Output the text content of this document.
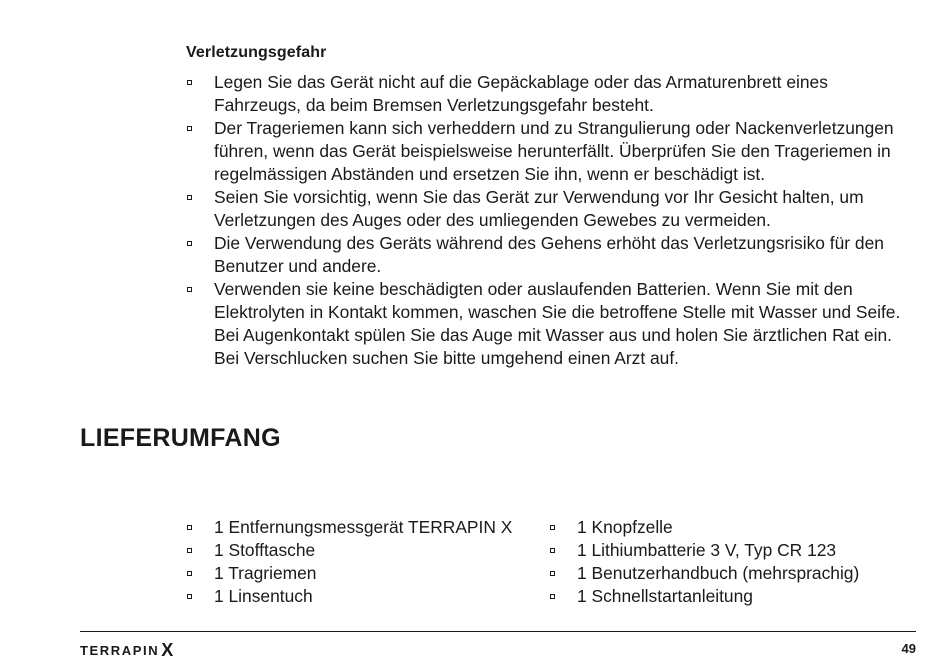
Verletzungsgefahr
Legen Sie das Gerät nicht auf die Gepäckablage oder das Armaturenbrett eines Fahrzeugs, da beim Bremsen Verletzungsgefahr besteht.
Der Trageriemen kann sich verheddern und zu Strangulierung oder Nackenverletzungen führen, wenn das Gerät beispielsweise herunterfällt. Überprüfen Sie den Trageriemen in regelmässigen Abständen und ersetzen Sie ihn, wenn er beschädigt ist.
Seien Sie vorsichtig, wenn Sie das Gerät zur Verwendung vor Ihr Gesicht halten, um Verletzungen des Auges oder des umliegenden Gewebes zu vermeiden.
Die Verwendung des Geräts während des Gehens erhöht das Verletzungsrisiko für den Benutzer und andere.
Verwenden sie keine beschädigten oder auslaufenden Batterien. Wenn Sie mit den Elektrolyten in Kontakt kommen, waschen Sie die betroffene Stelle mit Wasser und Seife. Bei Augenkontakt spülen Sie das Auge mit Wasser aus und holen Sie ärztlichen Rat ein. Bei Verschlucken suchen Sie bitte umgehend einen Arzt auf.
LIEFERUMFANG
1 Entfernungsmessgerät TERRAPIN X
1 Stofftasche
1 Tragriemen
1 Linsentuch
1 Knopfzelle
1 Lithiumbatterie 3 V, Typ CR 123
1 Benutzerhandbuch (mehrsprachig)
1 Schnellstartanleitung
TERRAPIN X	49
